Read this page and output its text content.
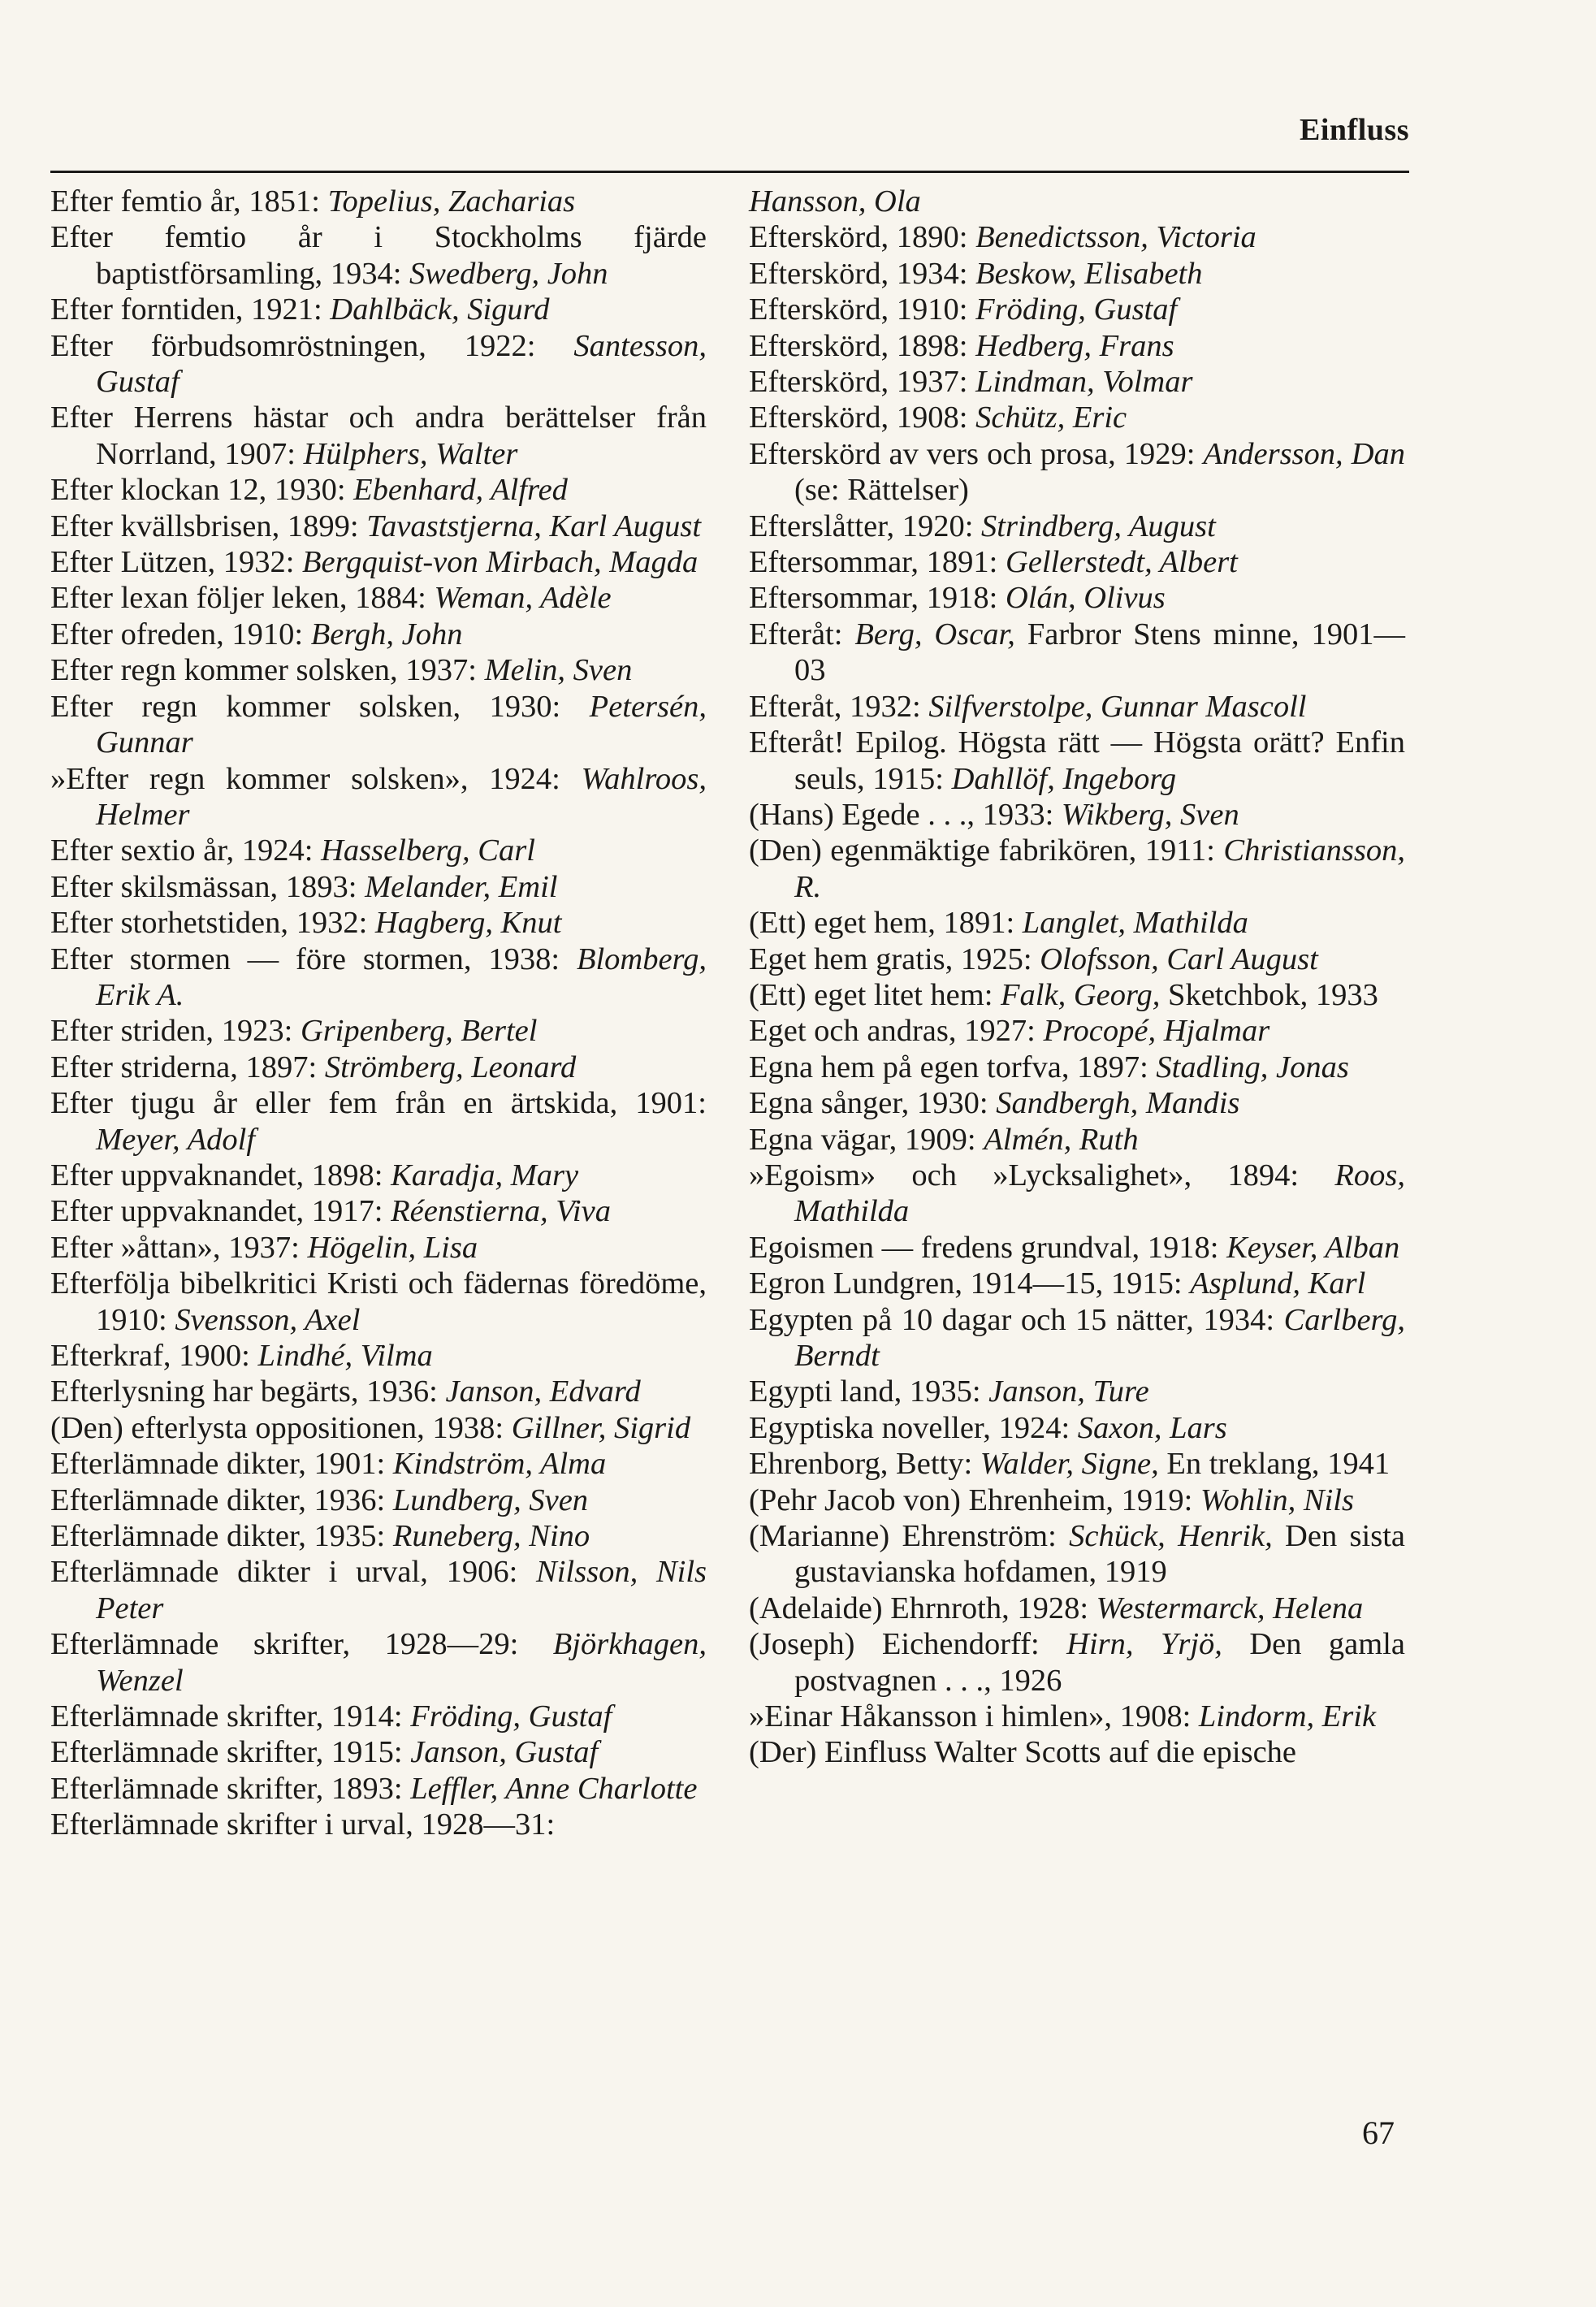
Einfluss
Efter femtio år, 1851: Topelius, Zacharias
Efter femtio år i Stockholms fjärde baptistförsamling, 1934: Swedberg, John
Efter forntiden, 1921: Dahlbäck, Sigurd
Efter förbudsomröstningen, 1922: Santesson, Gustaf
Efter Herrens hästar och andra berättelser från Norrland, 1907: Hülphers, Walter
Efter klockan 12, 1930: Ebenhard, Alfred
Efter kvällsbrisen, 1899: Tavaststjerna, Karl August
Efter Lützen, 1932: Bergquist-von Mirbach, Magda
Efter lexan följer leken, 1884: Weman, Adèle
Efter ofreden, 1910: Bergh, John
Efter regn kommer solsken, 1937: Melin, Sven
Efter regn kommer solsken, 1930: Petersén, Gunnar
»Efter regn kommer solsken», 1924: Wahlroos, Helmer
Efter sextio år, 1924: Hasselberg, Carl
Efter skilsmässan, 1893: Melander, Emil
Efter storhetstiden, 1932: Hagberg, Knut
Efter stormen — före stormen, 1938: Blomberg, Erik A.
Efter striden, 1923: Gripenberg, Bertel
Efter striderna, 1897: Strömberg, Leonard
Efter tjugu år eller fem från en ärtskida, 1901: Meyer, Adolf
Efter uppvaknandet, 1898: Karadja, Mary
Efter uppvaknandet, 1917: Réenstierna, Viva
Efter »åttan», 1937: Högelin, Lisa
Efterfölja bibelkritici Kristi och fädernas föredöme, 1910: Svensson, Axel
Efterkraf, 1900: Lindhé, Vilma
Efterlysning har begärts, 1936: Janson, Edvard
(Den) efterlysta oppositionen, 1938: Gillner, Sigrid
Efterlämnade dikter, 1901: Kindström, Alma
Efterlämnade dikter, 1936: Lundberg, Sven
Efterlämnade dikter, 1935: Runeberg, Nino
Efterlämnade dikter i urval, 1906: Nilsson, Nils Peter
Efterlämnade skrifter, 1928—29: Björkhagen, Wenzel
Efterlämnade skrifter, 1914: Fröding, Gustaf
Efterlämnade skrifter, 1915: Janson, Gustaf
Efterlämnade skrifter, 1893: Leffler, Anne Charlotte
Efterlämnade skrifter i urval, 1928—31:
Hansson, Ola
Efterskörd, 1890: Benedictsson, Victoria
Efterskörd, 1934: Beskow, Elisabeth
Efterskörd, 1910: Fröding, Gustaf
Efterskörd, 1898: Hedberg, Frans
Efterskörd, 1937: Lindman, Volmar
Efterskörd, 1908: Schütz, Eric
Efterskörd av vers och prosa, 1929: Andersson, Dan (se: Rättelser)
Efterslåtter, 1920: Strindberg, August
Eftersommar, 1891: Gellerstedt, Albert
Eftersommar, 1918: Olán, Olivus
Efteråt: Berg, Oscar, Farbror Stens minne, 1901—03
Efteråt, 1932: Silfverstolpe, Gunnar Mascoll
Efteråt! Epilog. Högsta rätt — Högsta orätt? Enfin seuls, 1915: Dahllöf, Ingeborg
(Hans) Egede . . ., 1933: Wikberg, Sven
(Den) egenmäktige fabrikören, 1911: Christiansson, R.
(Ett) eget hem, 1891: Langlet, Mathilda
Eget hem gratis, 1925: Olofsson, Carl August
(Ett) eget litet hem: Falk, Georg, Sketchbok, 1933
Eget och andras, 1927: Procopé, Hjalmar
Egna hem på egen torfva, 1897: Stadling, Jonas
Egna sånger, 1930: Sandbergh, Mandis
Egna vägar, 1909: Almén, Ruth
»Egoism» och »Lycksalighet», 1894: Roos, Mathilda
Egoismen — fredens grundval, 1918: Keyser, Alban
Egron Lundgren, 1914—15, 1915: Asplund, Karl
Egypten på 10 dagar och 15 nätter, 1934: Carlberg, Berndt
Egypti land, 1935: Janson, Ture
Egyptiska noveller, 1924: Saxon, Lars
Ehrenborg, Betty: Walder, Signe, En treklang, 1941
(Pehr Jacob von) Ehrenheim, 1919: Wohlin, Nils
(Marianne) Ehrenström: Schück, Henrik, Den sista gustavianska hofdamen, 1919
(Adelaide) Ehrnroth, 1928: Westermarck, Helena
(Joseph) Eichendorff: Hirn, Yrjö, Den gamla postvagnen . . ., 1926
»Einar Håkansson i himlen», 1908: Lindorm, Erik
(Der) Einfluss Walter Scotts auf die epische
67
